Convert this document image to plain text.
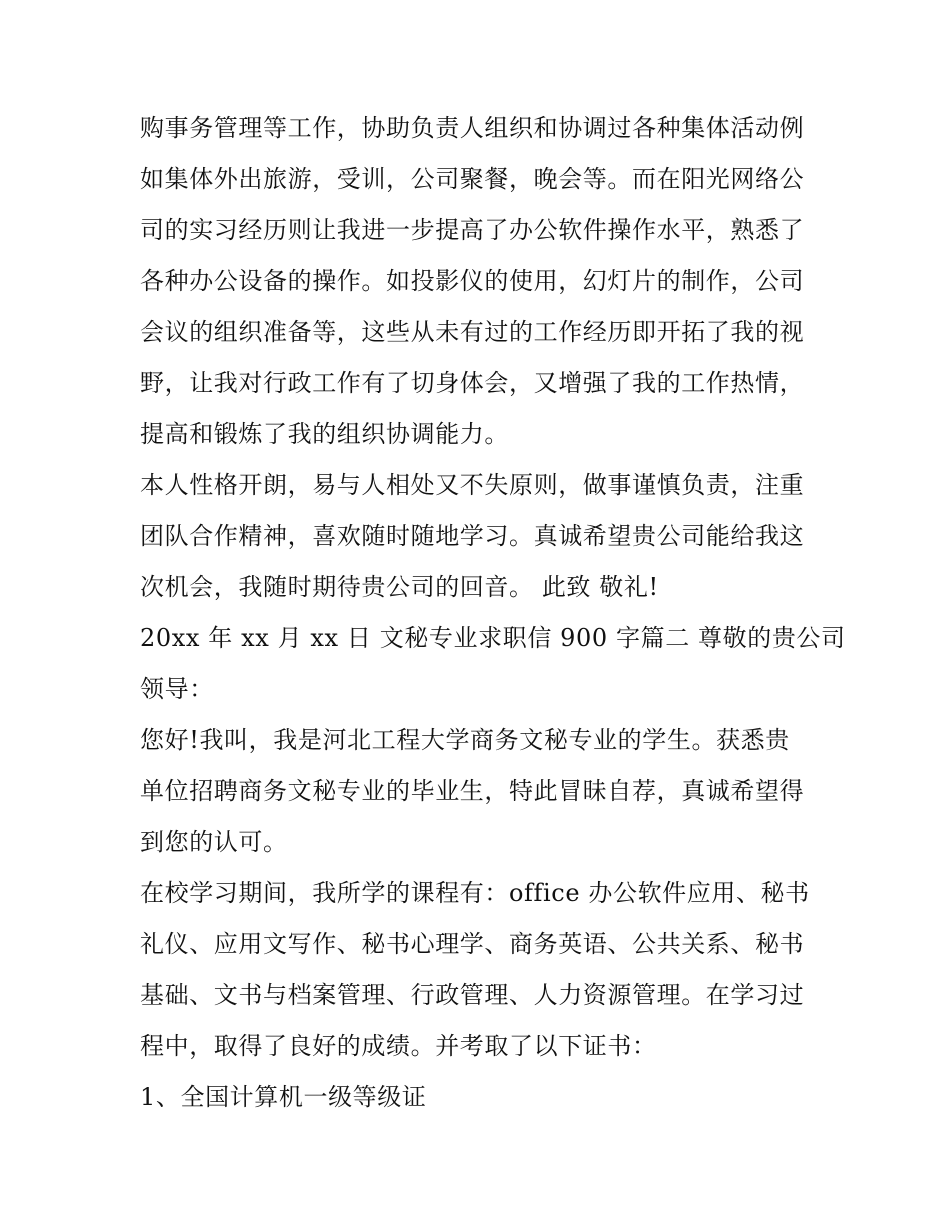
购事务管理等工作，协助负责人组织和协调过各种集体活动例
如集体外出旅游，受训，公司聚餐，晚会等。而在阳光网络公
司的实习经历则让我进一步提高了办公软件操作水平，熟悉了
各种办公设备的操作。如投影仪的使用，幻灯片的制作，公司
会议的组织准备等，这些从未有过的工作经历即开拓了我的视
野，让我对行政工作有了切身体会，又增强了我的工作热情，
提高和锻炼了我的组织协调能力。
本人性格开朗，易与人相处又不失原则，做事谨慎负责，注重
团队合作精神，喜欢随时随地学习。真诚希望贵公司能给我这
次机会，我随时期待贵公司的回音。 此致 敬礼!
20xx 年 xx 月 xx 日 文秘专业求职信 900 字篇二 尊敬的贵公司
领导：
您好!我叫，我是河北工程大学商务文秘专业的学生。获悉贵
单位招聘商务文秘专业的毕业生，特此冒昧自荐，真诚希望得
到您的认可。
在校学习期间，我所学的课程有：office 办公软件应用、秘书
礼仪、应用文写作、秘书心理学、商务英语、公共关系、秘书
基础、文书与档案管理、行政管理、人力资源管理。在学习过
程中，取得了良好的成绩。并考取了以下证书：
1、全国计算机一级等级证
